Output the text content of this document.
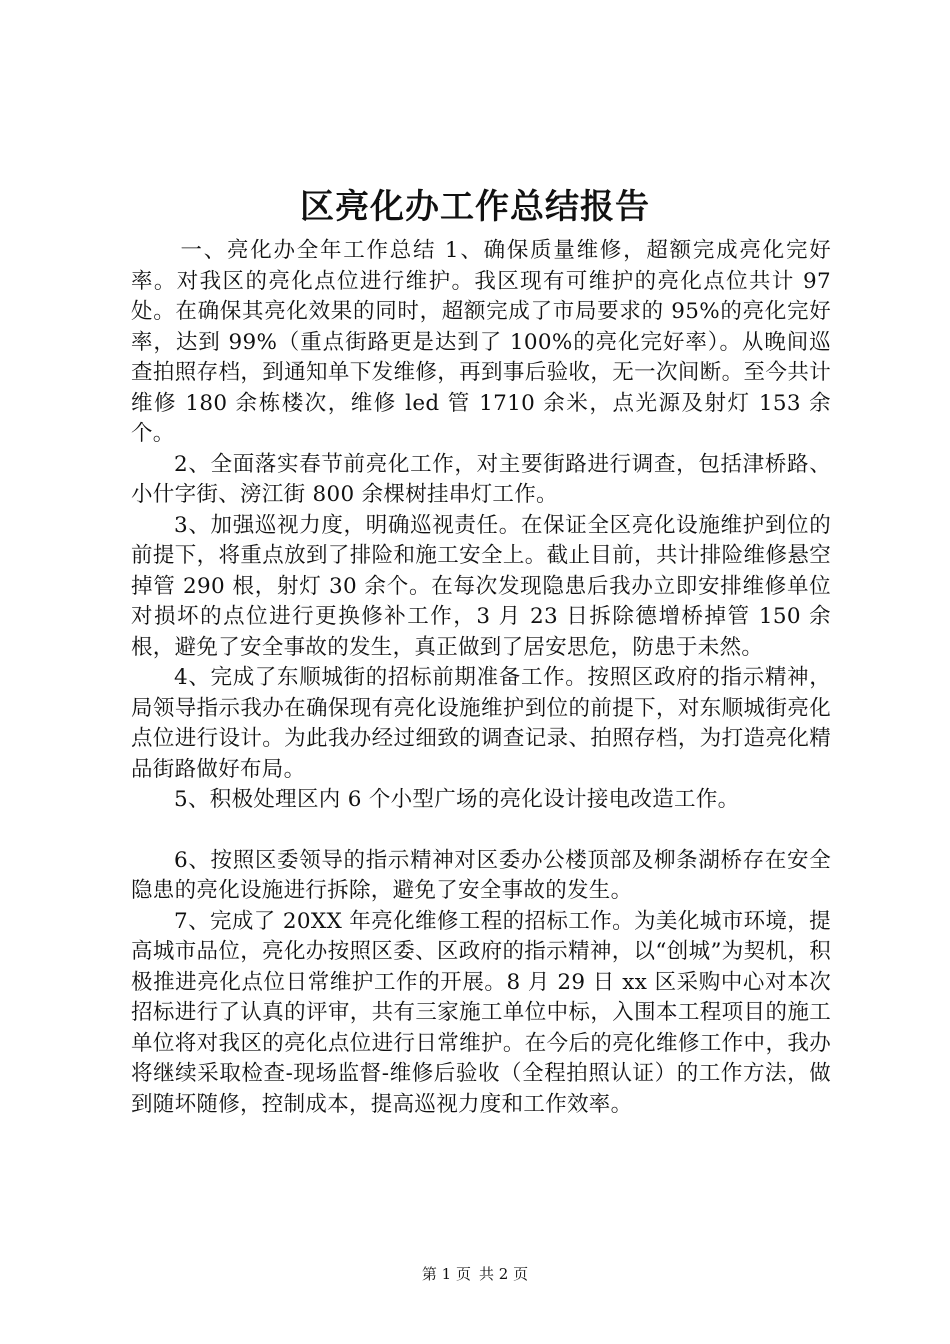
区亮化办工作总结报告

一、亮化办全年工作总结 1、确保质量维修，超额完成亮化完好率。对我区的亮化点位进行维护。我区现有可维护的亮化点位共计 97 处。在确保其亮化效果的同时，超额完成了市局要求的 95%的亮化完好率，达到 99%（重点街路更是达到了 100%的亮化完好率）。从晚间巡查拍照存档，到通知单下发维修，再到事后验收，无一次间断。至今共计维修 180 余栋楼次，维修 led 管 1710 余米，点光源及射灯 153 余个。

2、全面落实春节前亮化工作，对主要街路进行调查，包括津桥路、小什字街、滂江街 800 余棵树挂串灯工作。

3、加强巡视力度，明确巡视责任。在保证全区亮化设施维护到位的前提下，将重点放到了排险和施工安全上。截止目前，共计排险维修悬空掉管 290 根，射灯 30 余个。在每次发现隐患后我办立即安排维修单位对损坏的点位进行更换修补工作，3 月 23 日拆除德增桥掉管 150 余根，避免了安全事故的发生，真正做到了居安思危，防患于未然。

4、完成了东顺城街的招标前期准备工作。按照区政府的指示精神，局领导指示我办在确保现有亮化设施维护到位的前提下，对东顺城街亮化点位进行设计。为此我办经过细致的调查记录、拍照存档，为打造亮化精品街路做好布局。

5、积极处理区内 6 个小型广场的亮化设计接电改造工作。

6、按照区委领导的指示精神对区委办公楼顶部及柳条湖桥存在安全隐患的亮化设施进行拆除，避免了安全事故的发生。

7、完成了 20XX 年亮化维修工程的招标工作。为美化城市环境，提高城市品位，亮化办按照区委、区政府的指示精神，以“创城”为契机，积极推进亮化点位日常维护工作的开展。8 月 29 日 xx 区采购中心对本次招标进行了认真的评审，共有三家施工单位中标，入围本工程项目的施工单位将对我区的亮化点位进行日常维护。在今后的亮化维修工作中，我办将继续采取检查-现场监督-维修后验收（全程拍照认证）的工作方法，做到随坏随修，控制成本，提高巡视力度和工作效率。

第 1 页 共 2 页
